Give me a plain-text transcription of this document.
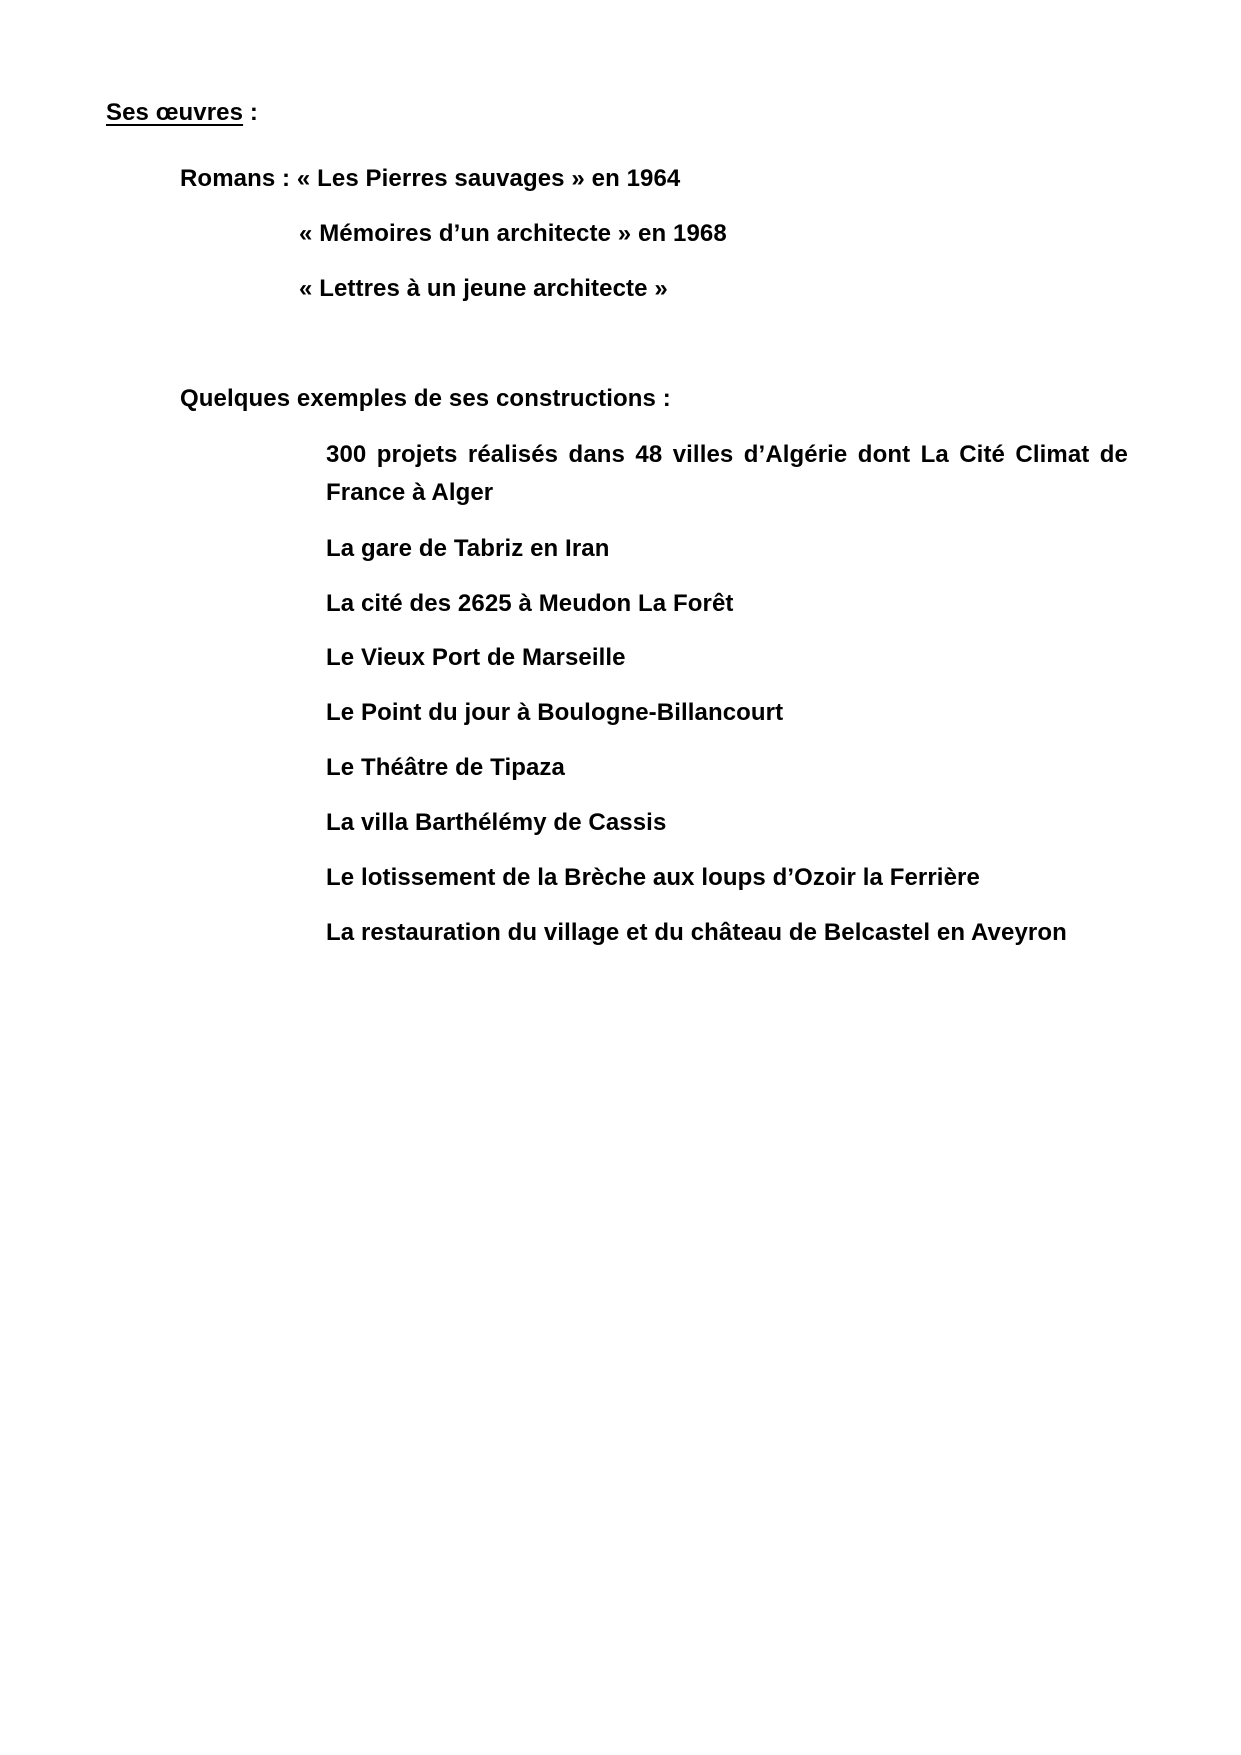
Ses œuvres :
Romans : « Les Pierres sauvages » en 1964
« Mémoires d’un architecte » en 1968
« Lettres à un jeune architecte »
Quelques exemples de ses constructions :
300 projets réalisés dans 48 villes d’Algérie dont La Cité Climat de France à Alger
La gare de Tabriz en Iran
La cité des 2625 à Meudon La Forêt
Le Vieux Port de Marseille
Le Point du jour à Boulogne-Billancourt
Le Théâtre de Tipaza
La villa Barthélémy de Cassis
Le lotissement de la Brèche aux loups d’Ozoir la Ferrière
La restauration du village et du château de Belcastel en Aveyron
